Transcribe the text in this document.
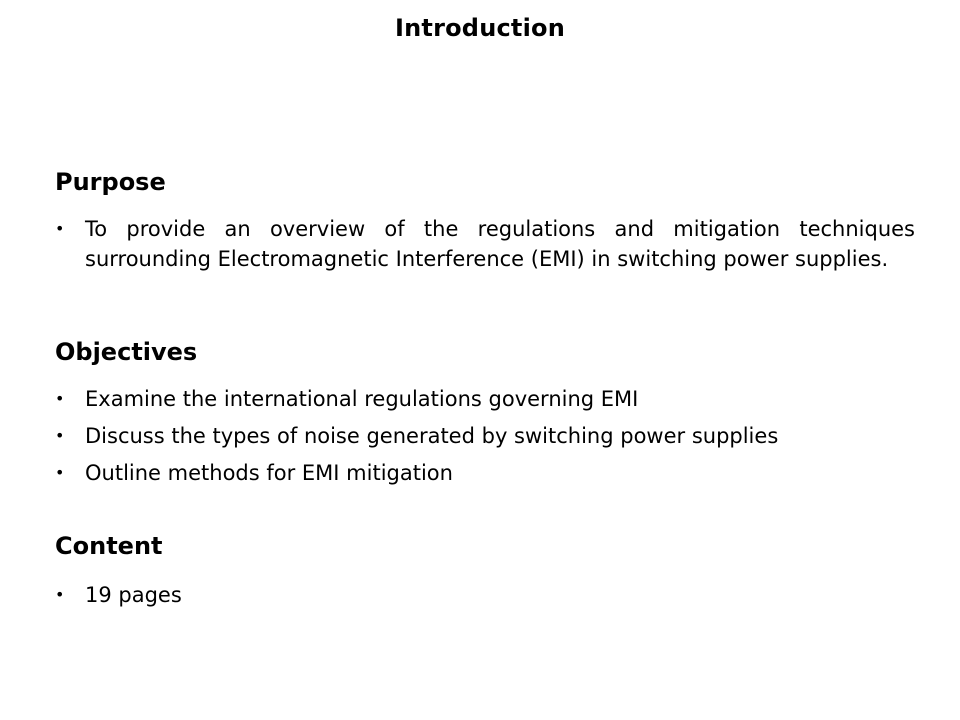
Introduction
Purpose
• To provide an overview of the regulations and mitigation techniques surrounding Electromagnetic Interference (EMI) in switching power supplies.
Objectives
• Examine the international regulations governing EMI
• Discuss the types of noise generated by switching power supplies
• Outline methods for EMI mitigation
Content
• 19 pages
